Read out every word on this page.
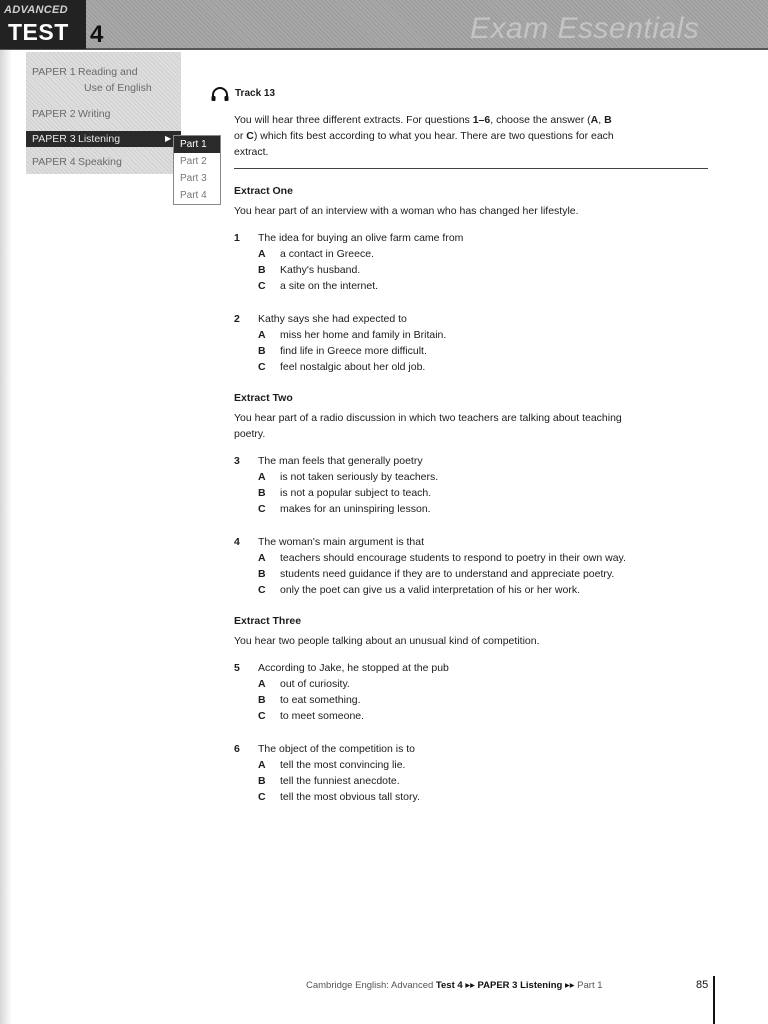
ADVANCED
TEST 4	Exam Essentials
PAPER 1 Reading and
Use of English
PAPER 2 Writing
PAPER 3 Listening	▶
PAPER 4 Speaking
Part 1
Part 2
Part 3
Part 4
Track 13
You will hear three different extracts. For questions 1–6, choose the answer (A, B
or C) which fits best according to what you hear. There are two questions for each
extract.
Extract One
You hear part of an interview with a woman who has changed her lifestyle.
1 The idea for buying an olive farm came from
A a contact in Greece.
B Kathy's husband.
C a site on the internet.
2 Kathy says she had expected to
A miss her home and family in Britain.
B find life in Greece more difficult.
C feel nostalgic about her old job.
Extract Two
You hear part of a radio discussion in which two teachers are talking about teaching
poetry.
3 The man feels that generally poetry
A is not taken seriously by teachers.
B is not a popular subject to teach.
C makes for an uninspiring lesson.
4 The woman's main argument is that
A teachers should encourage students to respond to poetry in their own way.
B students need guidance if they are to understand and appreciate poetry.
C only the poet can give us a valid interpretation of his or her work.
Extract Three
You hear two people talking about an unusual kind of competition.
5 According to Jake, he stopped at the pub
A out of curiosity.
B to eat something.
C to meet someone.
6 The object of the competition is to
A tell the most convincing lie.
B tell the funniest anecdote.
C tell the most obvious tall story.
Cambridge English: Advanced Test 4 ▸▸ PAPER 3 Listening ▸▸ Part 1	85
